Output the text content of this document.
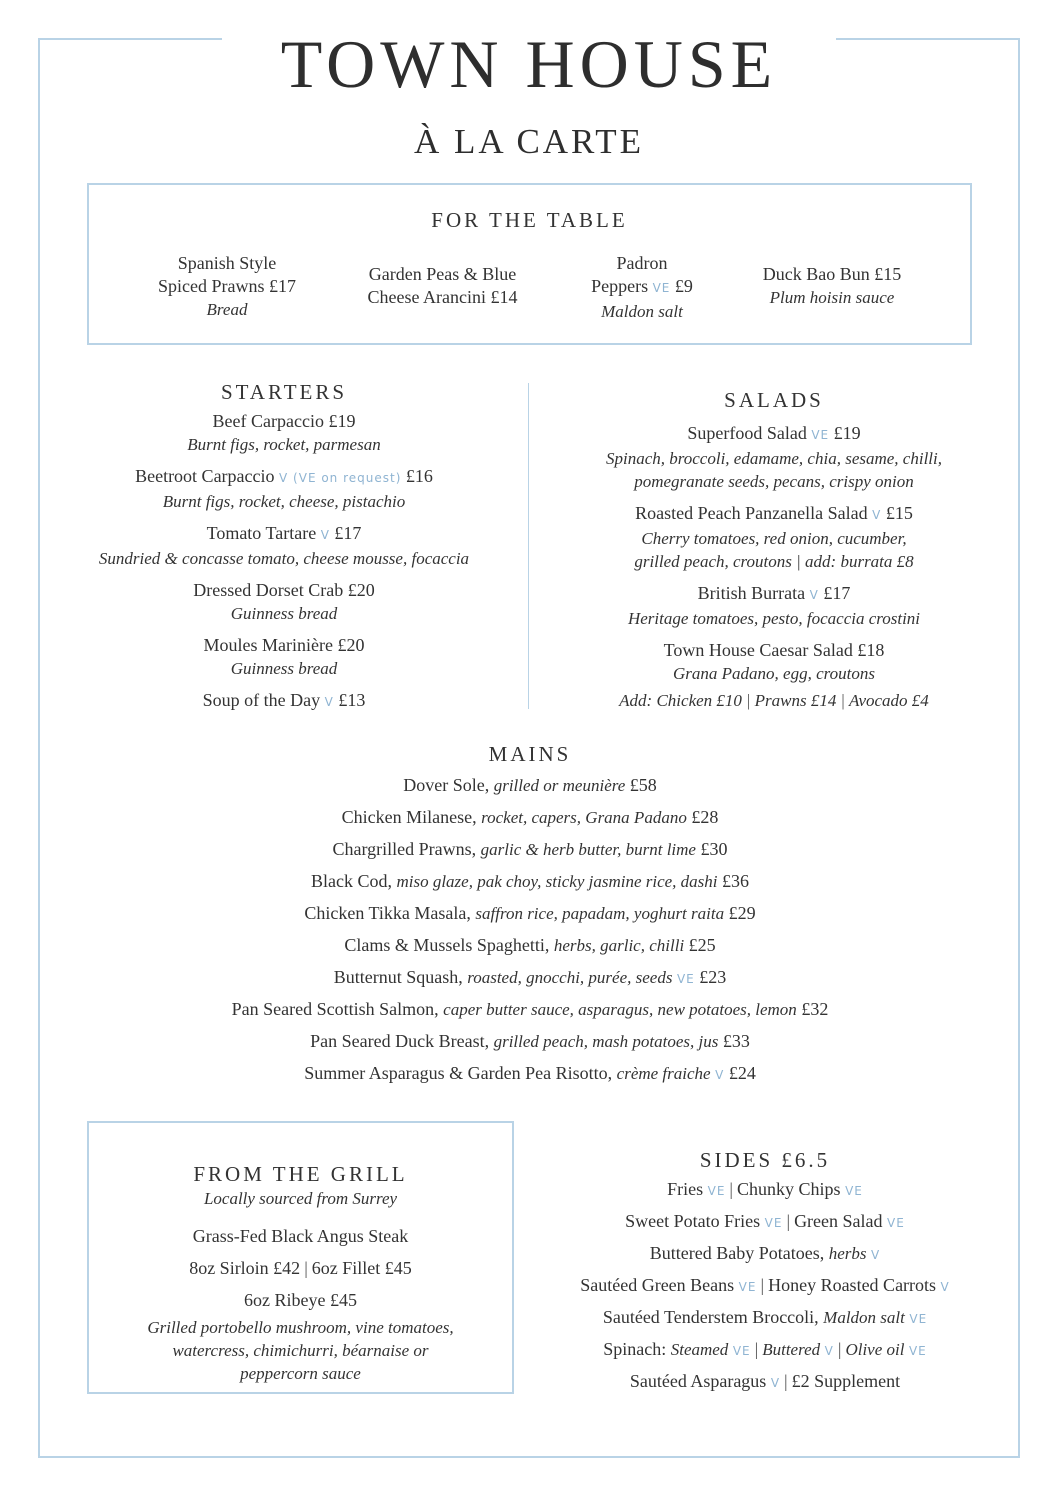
TOWN HOUSE
À LA CARTE
FOR THE TABLE
Spanish Style
Spiced Prawns £17
Bread
Garden Peas & Blue
Cheese Arancini £14
Padron
Peppers VE £9
Maldon salt
Duck Bao Bun £15
Plum hoisin sauce
STARTERS
Beef Carpaccio £19
Burnt figs, rocket, parmesan
Beetroot Carpaccio V (VE on request) £16
Burnt figs, rocket, cheese, pistachio
Tomato Tartare V £17
Sundried & concasse tomato, cheese mousse, focaccia
Dressed Dorset Crab £20
Guinness bread
Moules Marinière £20
Guinness bread
Soup of the Day V £13
SALADS
Superfood Salad VE £19
Spinach, broccoli, edamame, chia, sesame, chilli,
pomegranate seeds, pecans, crispy onion
Roasted Peach Panzanella Salad V £15
Cherry tomatoes, red onion, cucumber,
grilled peach, croutons | add: burrata £8
British Burrata V £17
Heritage tomatoes, pesto, focaccia crostini
Town House Caesar Salad £18
Grana Padano, egg, croutons
Add: Chicken £10 | Prawns £14 | Avocado £4
MAINS
Dover Sole, grilled or meunière £58
Chicken Milanese, rocket, capers, Grana Padano £28
Chargrilled Prawns, garlic & herb butter, burnt lime £30
Black Cod, miso glaze, pak choy, sticky jasmine rice, dashi £36
Chicken Tikka Masala, saffron rice, papadam, yoghurt raita £29
Clams & Mussels Spaghetti, herbs, garlic, chilli £25
Butternut Squash, roasted, gnocchi, purée, seeds VE £23
Pan Seared Scottish Salmon, caper butter sauce, asparagus, new potatoes, lemon £32
Pan Seared Duck Breast, grilled peach, mash potatoes, jus £33
Summer Asparagus & Garden Pea Risotto, crème fraiche V £24
FROM THE GRILL
Locally sourced from Surrey
Grass-Fed Black Angus Steak
8oz Sirloin £42 | 6oz Fillet £45
6oz Ribeye £45
Grilled portobello mushroom, vine tomatoes,
watercress, chimichurri, béarnaise or
peppercorn sauce
SIDES £6.5
Fries VE | Chunky Chips VE
Sweet Potato Fries VE | Green Salad VE
Buttered Baby Potatoes, herbs V
Sautéed Green Beans VE | Honey Roasted Carrots V
Sautéed Tenderstem Broccoli, Maldon salt VE
Spinach: Steamed VE | Buttered V | Olive oil VE
Sautéed Asparagus V | £2 Supplement
